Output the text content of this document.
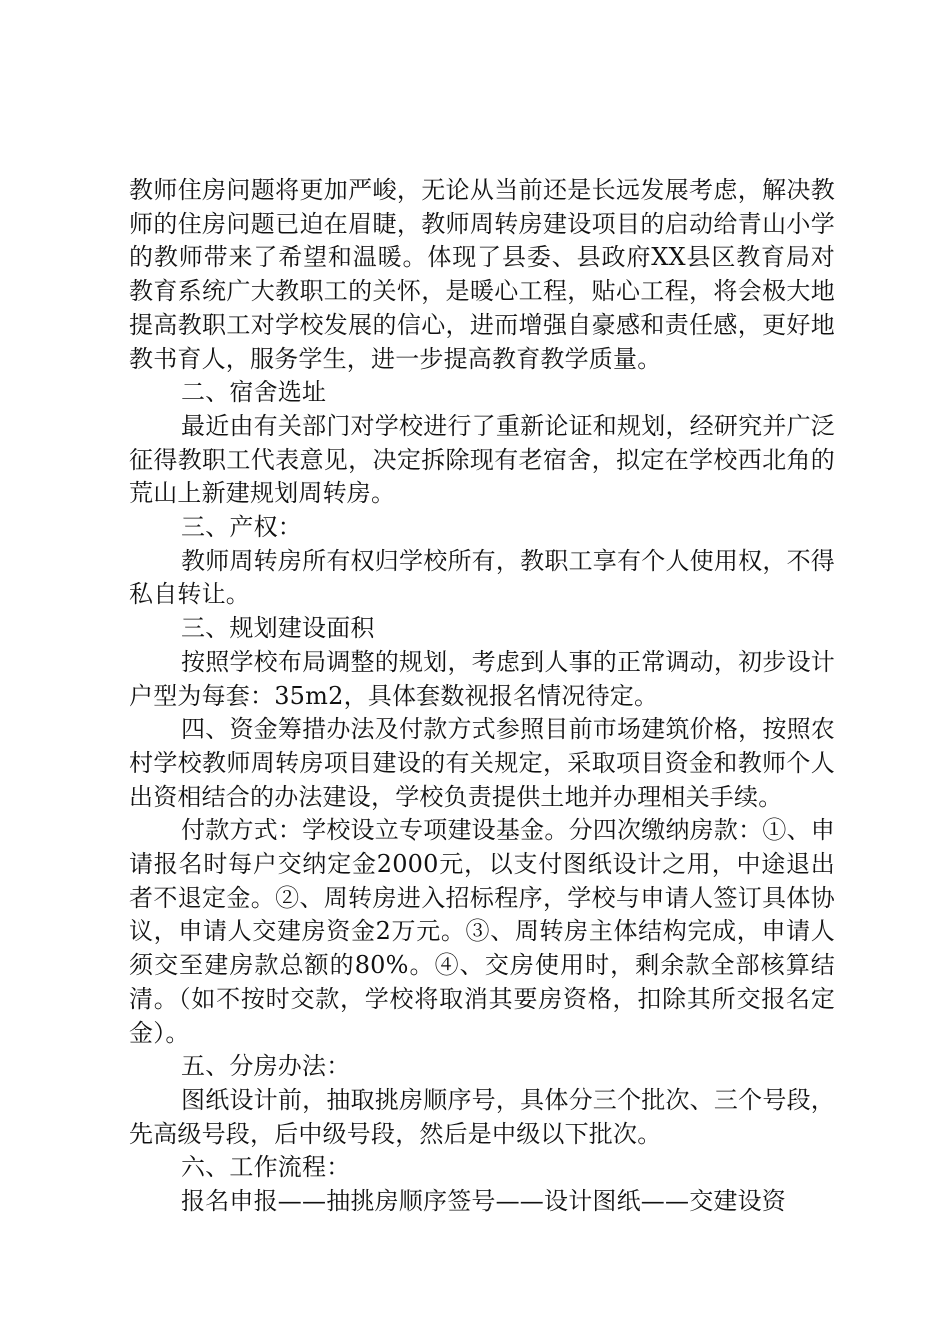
教师住房问题将更加严峻，无论从当前还是长远发展考虑，解决教师的住房问题已迫在眉睫，教师周转房建设项目的启动给青山小学的教师带来了希望和温暖。体现了县委、县政府XX县区教育局对教育系统广大教职工的关怀，是暖心工程，贴心工程，将会极大地提高教职工对学校发展的信心，进而增强自豪感和责任感，更好地教书育人，服务学生，进一步提高教育教学质量。

二、宿舍选址

最近由有关部门对学校进行了重新论证和规划，经研究并广泛征得教职工代表意见，决定拆除现有老宿舍，拟定在学校西北角的荒山上新建规划周转房。

三、产权：

教师周转房所有权归学校所有，教职工享有个人使用权，不得私自转让。

三、规划建设面积

按照学校布局调整的规划，考虑到人事的正常调动，初步设计户型为每套：35m2，具体套数视报名情况待定。

四、资金筹措办法及付款方式参照目前市场建筑价格，按照农村学校教师周转房项目建设的有关规定，采取项目资金和教师个人出资相结合的办法建设，学校负责提供土地并办理相关手续。

付款方式：学校设立专项建设基金。分四次缴纳房款：①、申请报名时每户交纳定金2000元，以支付图纸设计之用，中途退出者不退定金。②、周转房进入招标程序，学校与申请人签订具体协议，申请人交建房资金2万元。③、周转房主体结构完成，申请人须交至建房款总额的80%。④、交房使用时，剩余款全部核算结清。（如不按时交款，学校将取消其要房资格，扣除其所交报名定金）。

五、分房办法：

图纸设计前，抽取挑房顺序号，具体分三个批次、三个号段，先高级号段，后中级号段，然后是中级以下批次。

六、工作流程：

报名申报——抽挑房顺序签号——设计图纸——交建设资
